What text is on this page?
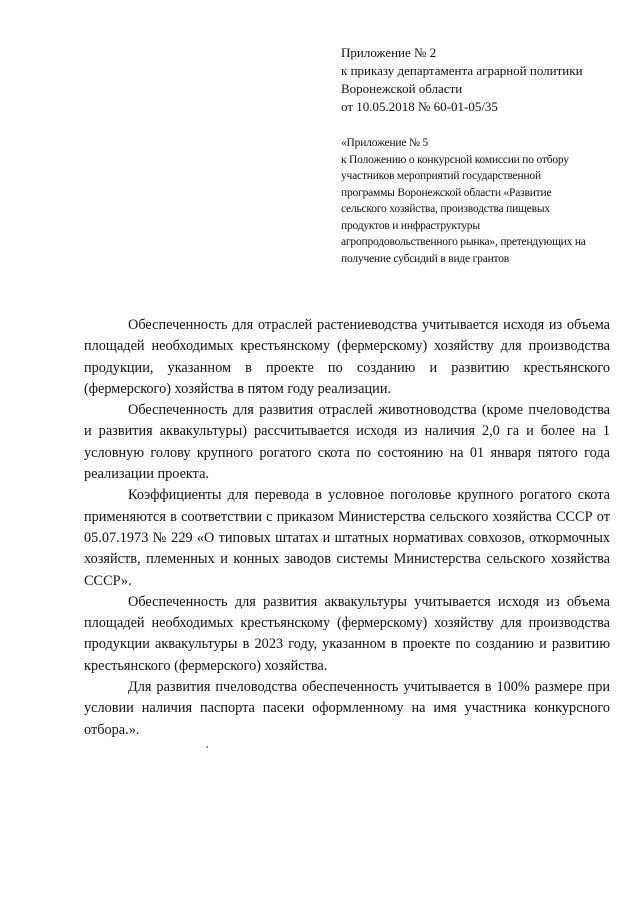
Приложение № 2
к приказу департамента аграрной политики
Воронежской области
от 10.05.2018 № 60-01-05/35
«Приложение № 5
к Положению о конкурсной комиссии по отбору
участников мероприятий государственной
программы Воронежской области «Развитие
сельского хозяйства, производства пищевых
продуктов и инфраструктуры
агропродовольственного рынка», претендующих на
получение субсидий в виде грантов

Обеспеченность для отраслей растениеводства учитывается исходя из объема площадей необходимых крестьянскому (фермерскому) хозяйству для производства продукции, указанном в проекте по созданию и развитию крестьянского (фермерского) хозяйства в пятом году реализации.

Обеспеченность для развития отраслей животноводства (кроме пчеловодства и развития аквакультуры) рассчитывается исходя из наличия 2,0 га и более на 1 условную голову крупного рогатого скота по состоянию на 01 января пятого года реализации проекта.

Коэффициенты для перевода в условное поголовье крупного рогатого скота применяются в соответствии с приказом Министерства сельского хозяйства СССР от 05.07.1973 № 229 «О типовых штатах и штатных нормативах совхозов, откормочных хозяйств, племенных и конных заводов системы Министерства сельского хозяйства СССР».

Обеспеченность для развития аквакультуры учитывается исходя из объема площадей необходимых крестьянскому (фермерскому) хозяйству для производства продукции аквакультуры в 2023 году, указанном в проекте по созданию и развитию крестьянского (фермерского) хозяйства.

Для развития пчеловодства обеспеченность учитывается в 100% размере при условии наличия паспорта пасеки оформленному на имя участника конкурсного отбора.».
